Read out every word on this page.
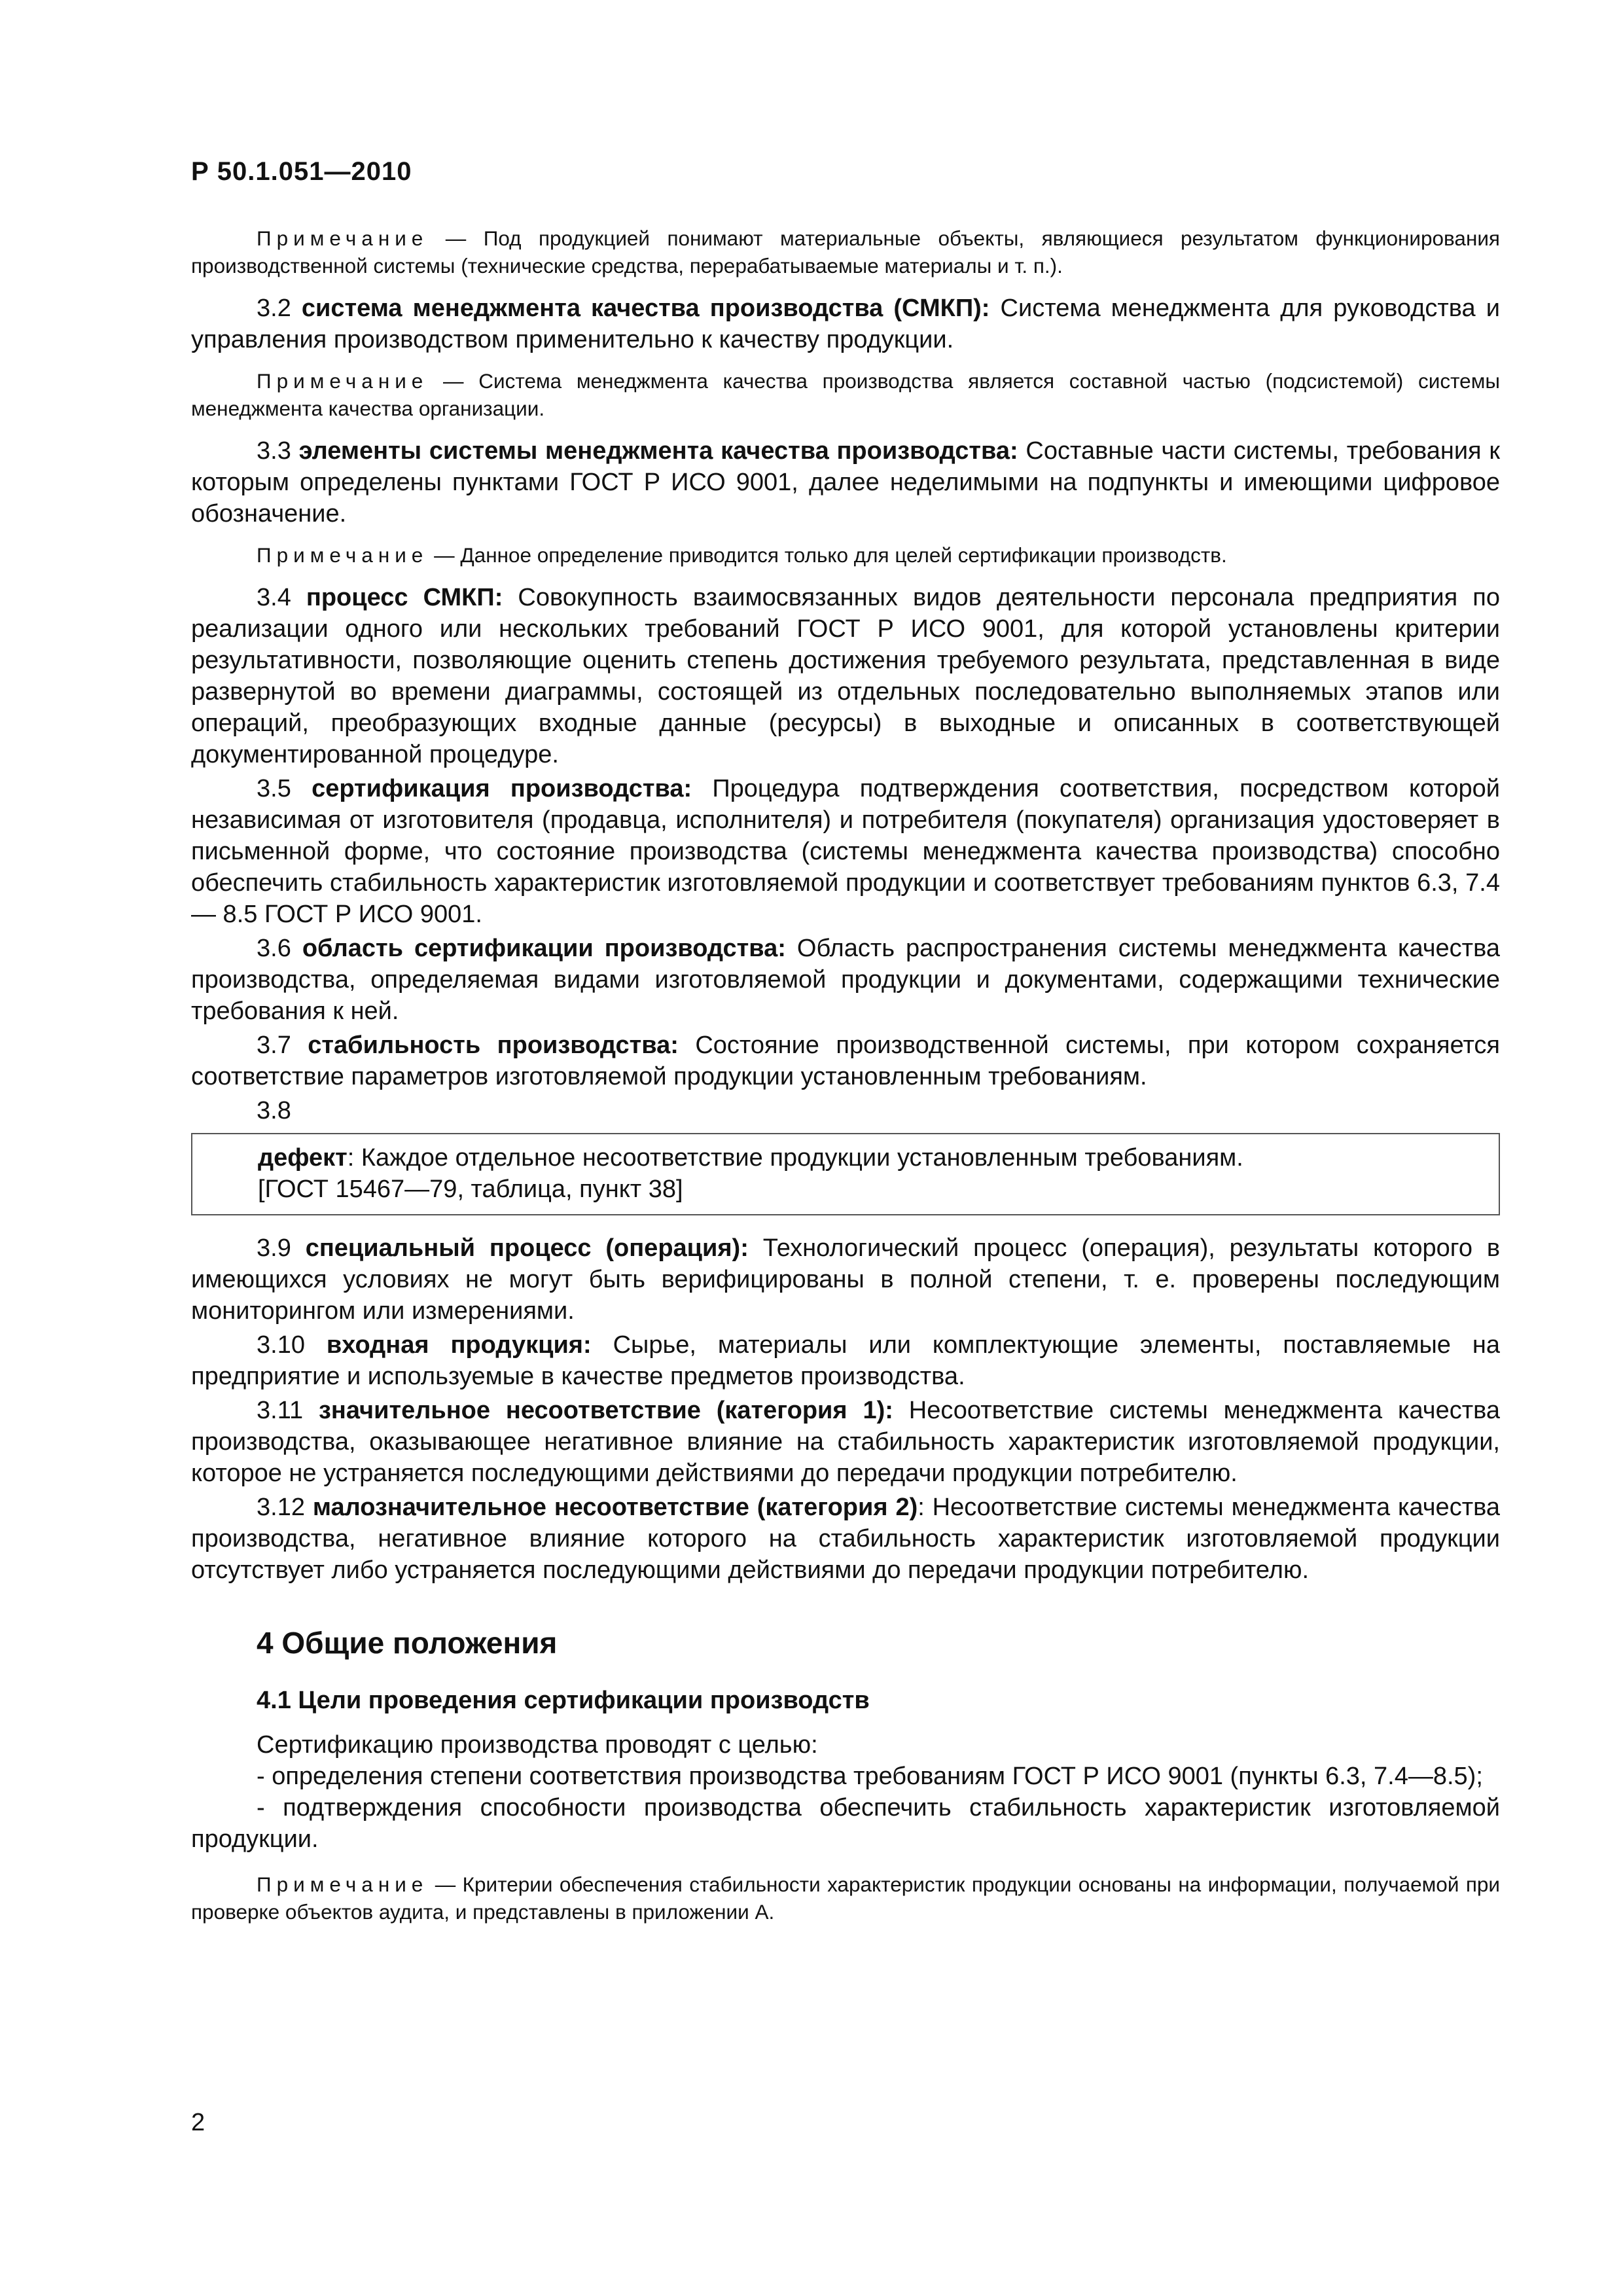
Р 50.1.051—2010

Примечание — Под продукцией понимают материальные объекты, являющиеся результатом функционирования производственной системы (технические средства, перерабатываемые материалы и т. п.).

3.2 система менеджмента качества производства (СМКП): Система менеджмента для руководства и управления производством применительно к качеству продукции.

Примечание — Система менеджмента качества производства является составной частью (подсистемой) системы менеджмента качества организации.

3.3 элементы системы менеджмента качества производства: Составные части системы, требования к которым определены пунктами ГОСТ Р ИСО 9001, далее неделимыми на подпункты и имеющими цифровое обозначение.

Примечание — Данное определение приводится только для целей сертификации производств.

3.4 процесс СМКП: Совокупность взаимосвязанных видов деятельности персонала предприятия по реализации одного или нескольких требований ГОСТ Р ИСО 9001, для которой установлены критерии результативности, позволяющие оценить степень достижения требуемого результата, представленная в виде развернутой во времени диаграммы, состоящей из отдельных последовательно выполняемых этапов или операций, преобразующих входные данные (ресурсы) в выходные и описанных в соответствующей документированной процедуре.

3.5 сертификация производства: Процедура подтверждения соответствия, посредством которой независимая от изготовителя (продавца, исполнителя) и потребителя (покупателя) организация удостоверяет в письменной форме, что состояние производства (системы менеджмента качества производства) способно обеспечить стабильность характеристик изготовляемой продукции и соответствует требованиям пунктов 6.3, 7.4 — 8.5 ГОСТ Р ИСО 9001.

3.6 область сертификации производства: Область распространения системы менеджмента качества производства, определяемая видами изготовляемой продукции и документами, содержащими технические требования к ней.

3.7 стабильность производства: Состояние производственной системы, при котором сохраняется соответствие параметров изготовляемой продукции установленным требованиям.

3.8

дефект: Каждое отдельное несоответствие продукции установленным требованиям.
[ГОСТ 15467—79, таблица, пункт 38]

3.9 специальный процесс (операция): Технологический процесс (операция), результаты которого в имеющихся условиях не могут быть верифицированы в полной степени, т. е. проверены последующим мониторингом или измерениями.

3.10 входная продукция: Сырье, материалы или комплектующие элементы, поставляемые на предприятие и используемые в качестве предметов производства.

3.11 значительное несоответствие (категория 1): Несоответствие системы менеджмента качества производства, оказывающее негативное влияние на стабильность характеристик изготовляемой продукции, которое не устраняется последующими действиями до передачи продукции потребителю.

3.12 малозначительное несоответствие (категория 2): Несоответствие системы менеджмента качества производства, негативное влияние которого на стабильность характеристик изготовляемой продукции отсутствует либо устраняется последующими действиями до передачи продукции потребителю.

4 Общие положения
4.1 Цели проведения сертификации производств

Сертификацию производства проводят с целью:

- определения степени соответствия производства требованиям ГОСТ Р ИСО 9001 (пункты 6.3, 7.4—8.5);

- подтверждения способности производства обеспечить стабильность характеристик изготовляемой продукции.

Примечание — Критерии обеспечения стабильности характеристик продукции основаны на информации, получаемой при проверке объектов аудита, и представлены в приложении А.

2
